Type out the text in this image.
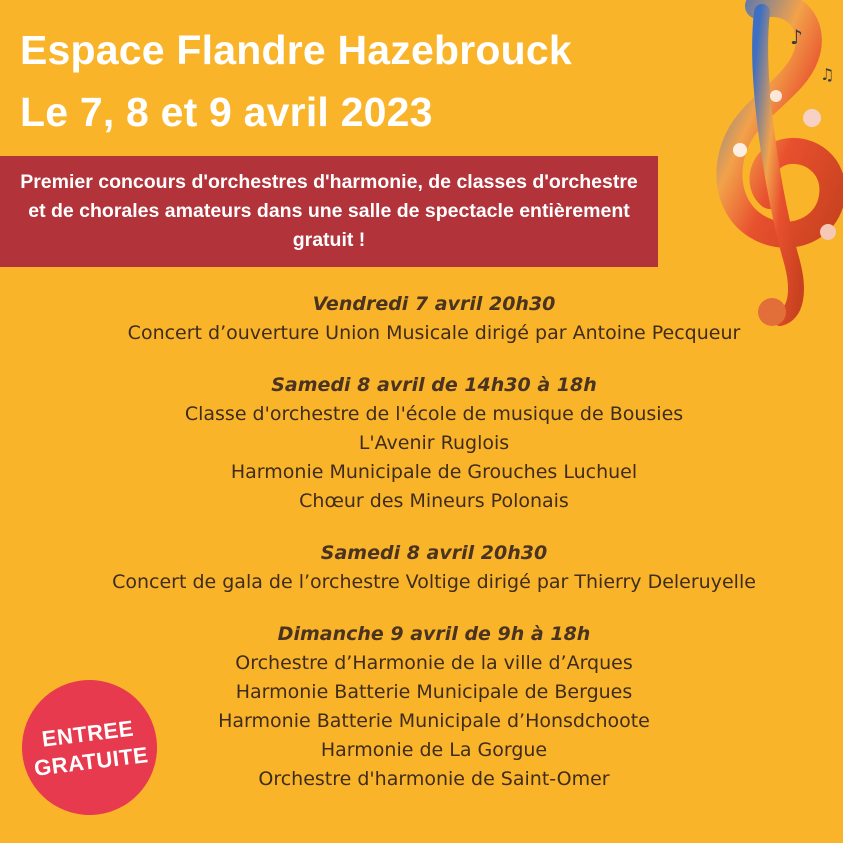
Espace Flandre Hazebrouck
Le 7, 8 et 9 avril 2023
Premier concours d'orchestres d'harmonie, de classes d'orchestre et de chorales amateurs dans une salle de spectacle entièrement gratuit !
♪
♫
Vendredi 7 avril 20h30
Concert d’ouverture Union Musicale dirigé par Antoine Pecqueur
Samedi 8 avril de 14h30 à 18h
Classe d'orchestre de l'école de musique de Bousies
L'Avenir Ruglois
Harmonie Municipale de Grouches Luchuel
Chœur des Mineurs Polonais
Samedi 8 avril 20h30
Concert de gala de l’orchestre Voltige dirigé par Thierry Deleruyelle
Dimanche 9 avril de 9h à 18h
Orchestre d’Harmonie de la ville d’Arques
Harmonie Batterie Municipale de Bergues
Harmonie Batterie Municipale d’Honsdchoote
Harmonie de La Gorgue
Orchestre d'harmonie de Saint-Omer
ENTREE
GRATUITE
